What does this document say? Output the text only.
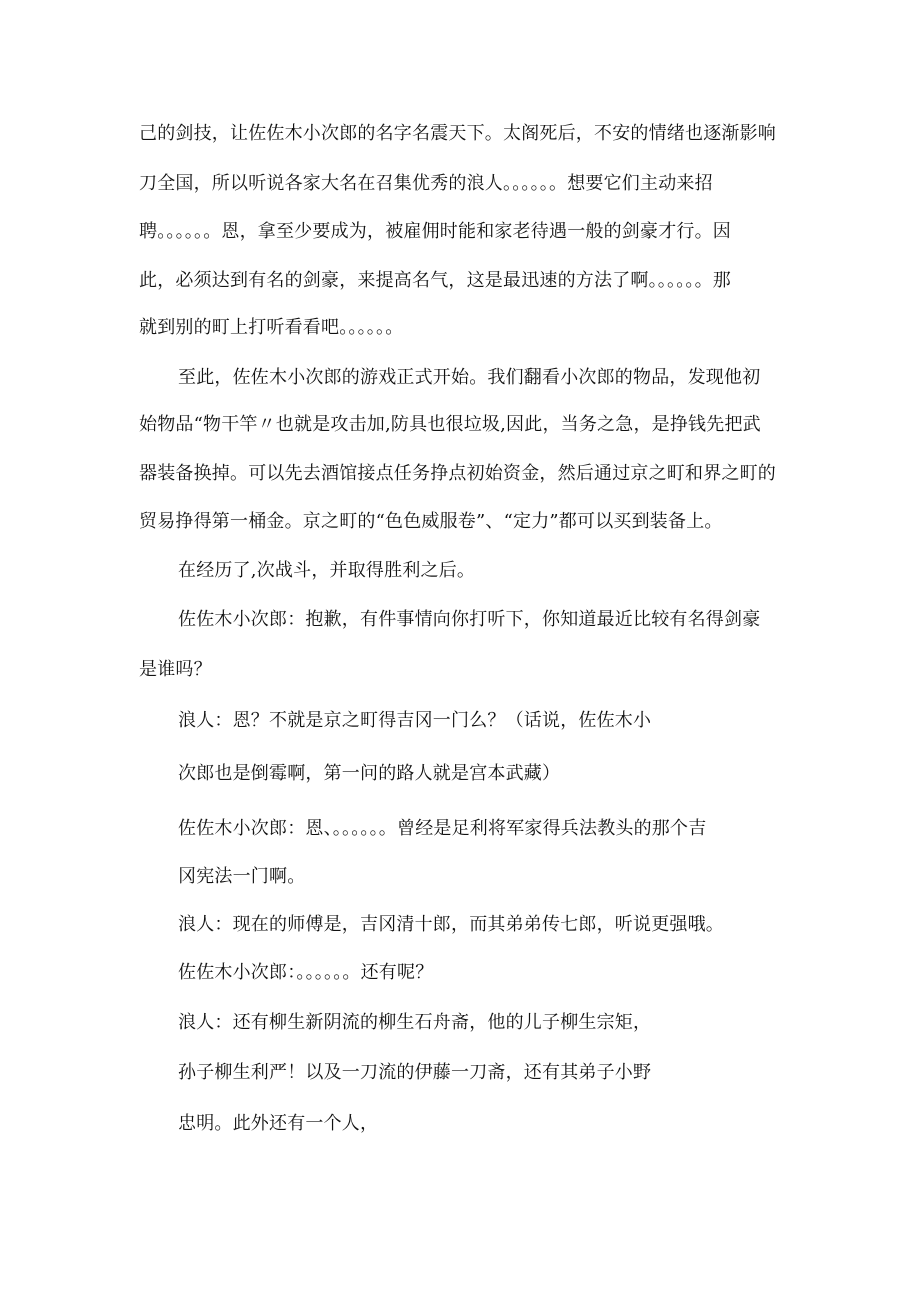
己的剑技，让佐佐木小次郎的名字名震天下。太阁死后，不安的情绪也逐渐影响
刀全国，所以听说各家大名在召集优秀的浪人。。。。。。想要它们主动来招
聘。。。。。。恩，拿至少要成为，被雇佣时能和家老待遇一般的剑豪才行。因
此，必须达到有名的剑豪，来提高名气，这是最迅速的方法了啊。。。。。。那
就到别的町上打听看看吧。。。。。。
至此，佐佐木小次郎的游戏正式开始。我们翻看小次郎的物品，发现他初
始物品“物干竿〃也就是攻击加,防具也很垃圾,因此，当务之急，是挣钱先把武
器装备换掉。可以先去酒馆接点任务挣点初始资金，然后通过京之町和界之町的
贸易挣得第一桶金。京之町的“色色威服卷”、“定力”都可以买到装备上。
在经历了,次战斗，并取得胜利之后。
佐佐木小次郎：抱歉，有件事情向你打听下，你知道最近比较有名得剑豪
是谁吗？
浪人：恩？不就是京之町得吉冈一门么？（话说，佐佐木小
次郎也是倒霉啊，第一问的路人就是宫本武藏）
佐佐木小次郎：恩、。。。。。。曾经是足利将军家得兵法教头的那个吉
冈宪法一门啊。
浪人：现在的师傅是，吉冈清十郎，而其弟弟传七郎，听说更强哦。
佐佐木小次郎：。。。。。。还有呢？
浪人：还有柳生新阴流的柳生石舟斋，他的儿子柳生宗矩，
孙子柳生利严！以及一刀流的伊藤一刀斋，还有其弟子小野
忠明。此外还有一个人，
